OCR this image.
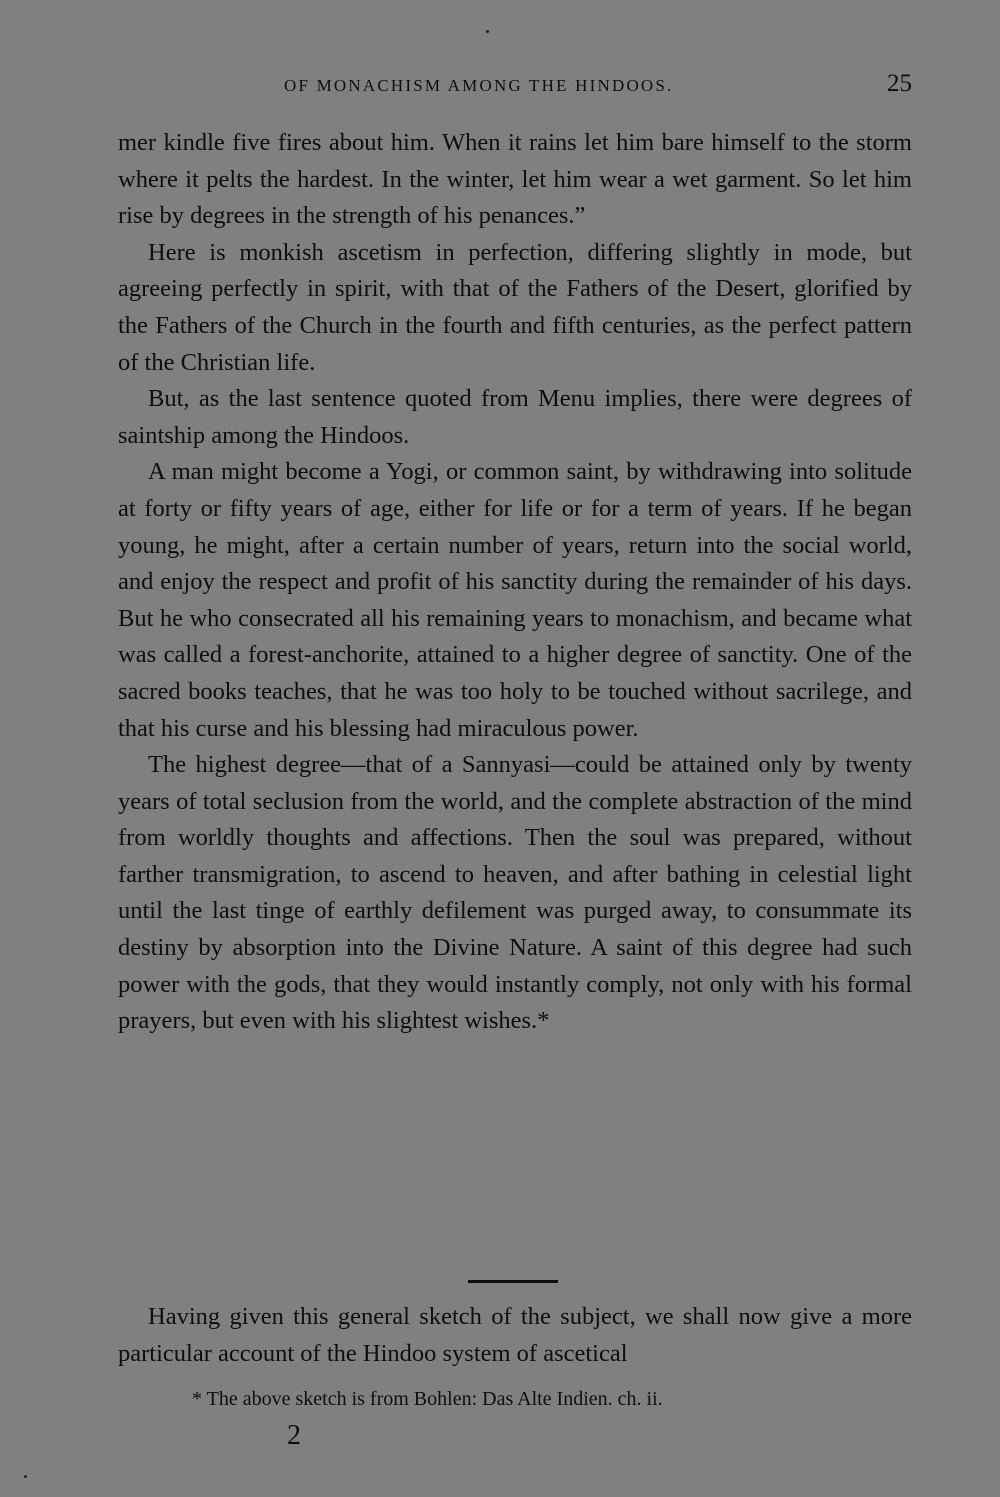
OF MONACHISM AMONG THE HINDOOS.	25

mer kindle five fires about him. When it rains let him bare himself to the storm where it pelts the hardest. In the winter, let him wear a wet garment. So let him rise by degrees in the strength of his penances.”

Here is monkish ascetism in perfection, differing slightly in mode, but agreeing perfectly in spirit, with that of the Fathers of the Desert, glorified by the Fathers of the Church in the fourth and fifth centuries, as the perfect pattern of the Christian life.

But, as the last sentence quoted from Menu implies, there were degrees of saintship among the Hindoos.

A man might become a Yogi, or common saint, by withdrawing into solitude at forty or fifty years of age, either for life or for a term of years. If he began young, he might, after a certain number of years, return into the social world, and enjoy the respect and profit of his sanctity during the remainder of his days. But he who consecrated all his remaining years to monachism, and became what was called a forest-anchorite, attained to a higher degree of sanctity. One of the sacred books teaches, that he was too holy to be touched without sacrilege, and that his curse and his blessing had miraculous power.

The highest degree—that of a Sannyasi—could be attained only by twenty years of total seclusion from the world, and the complete abstraction of the mind from worldly thoughts and affections. Then the soul was prepared, without farther transmigration, to ascend to heaven, and after bathing in celestial light until the last tinge of earthly defilement was purged away, to consummate its destiny by absorption into the Divine Nature. A saint of this degree had such power with the gods, that they would instantly comply, not only with his formal prayers, but even with his slightest wishes.*

Having given this general sketch of the subject, we shall now give a more particular account of the Hindoo system of ascetical

* The above sketch is from Bohlen: Das Alte Indien. ch. ii.
2
